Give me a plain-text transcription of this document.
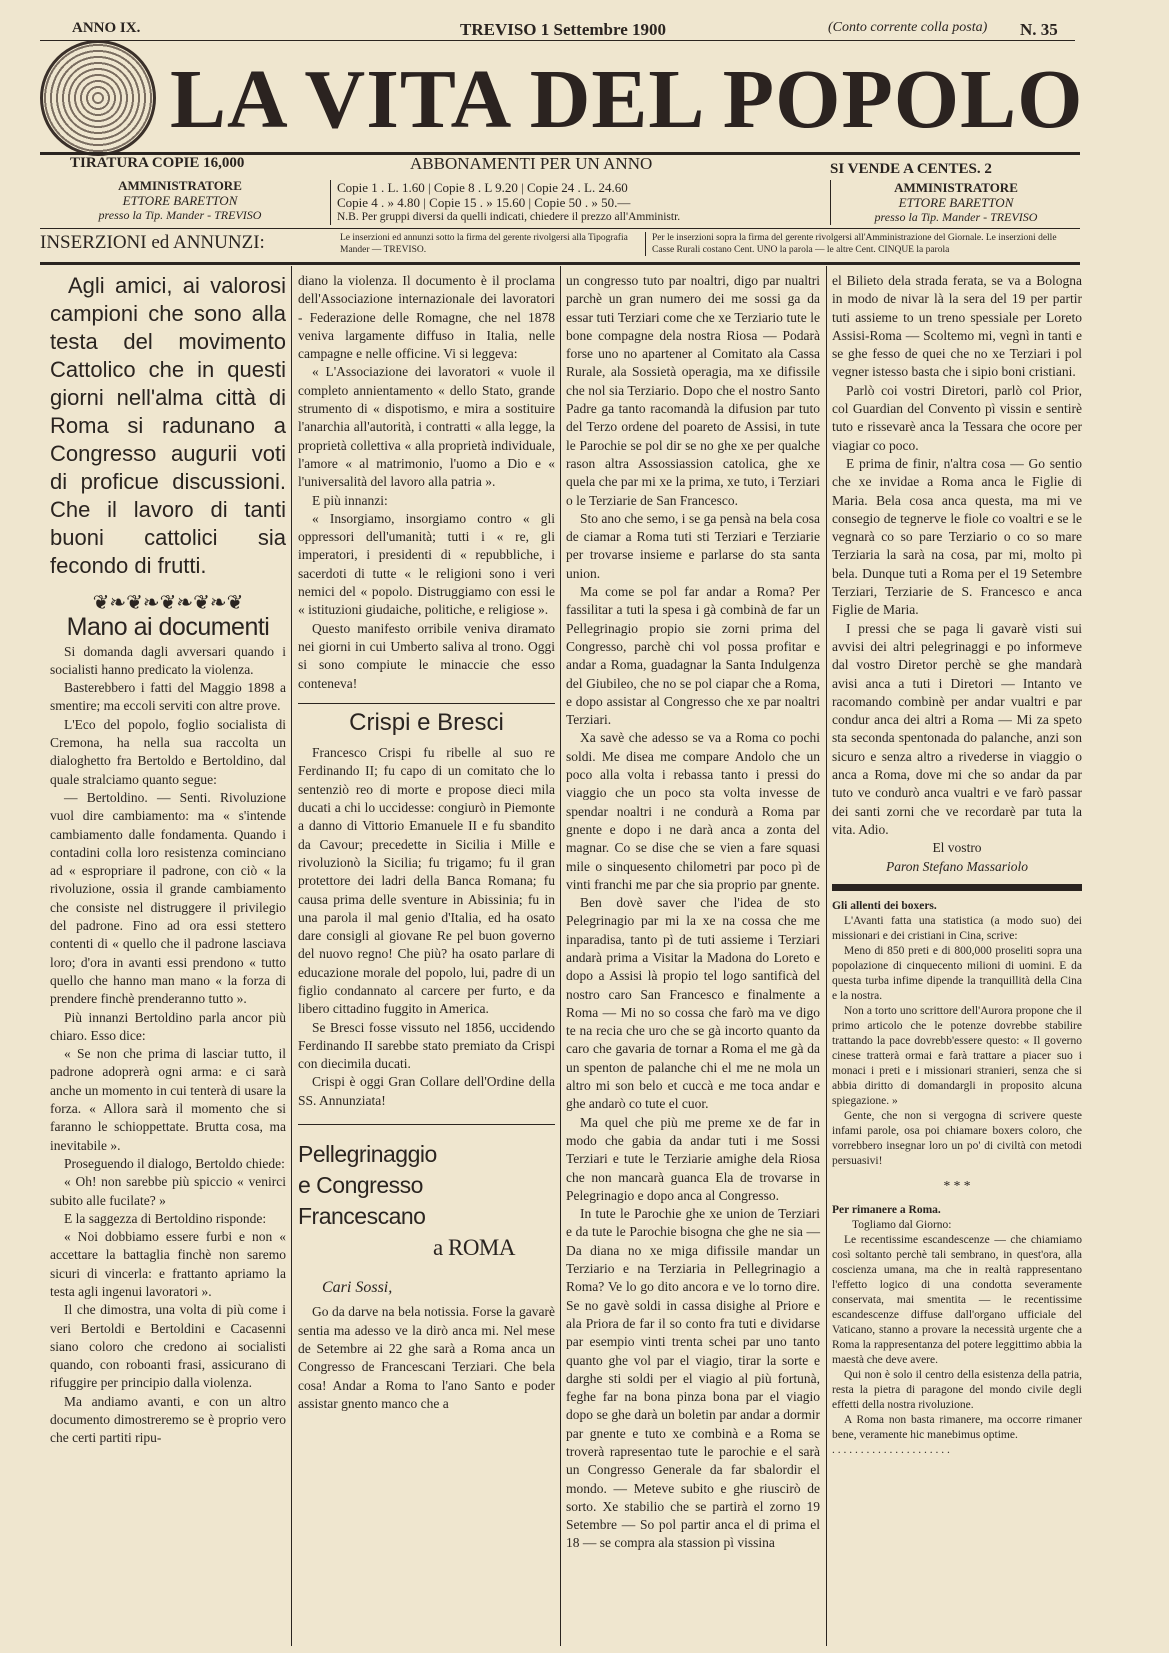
ANNO IX.	TREVISO 1 Settembre 1900	(Conto corrente colla posta) N. 35
LA VITA DEL POPOLO
TIRATURA COPIE 16,000	ABBONAMENTI PER UN ANNO	SI VENDE A CENTES. 2
AMMINISTRATORE
ETTORE BARETTON
presso la Tip. Mander - TREVISO
Copie 1 . L. 1.60 | Copie 8 . L 9.20 | Copie 24 . L. 24.60
Copie 4 . » 4.80 | Copie 15 . » 15.60 | Copie 50 . » 50.—
N.B. Per gruppi diversi da quelli indicati, chiedere il prezzo all'Amministr.
AMMINISTRATORE
ETTORE BARETTON
presso la Tip. Mander - TREVISO
INSERZIONI ed ANNUNZI:	Le inserzioni ed annunzi sotto la firma del gerente rivolgersi alla Tipografia Mander — TREVISO.
Per le inserzioni sopra la firma del gerente rivolgersi all'Amministrazione del Giornale. Le inserzioni delle Casse Rurali costano Cent. UNO la parola — le altre Cent. CINQUE la parola
Agli amici, ai valorosi campioni che sono alla testa del movimento Cattolico che in questi giorni nell'alma città di Roma si radunano a Congresso augurii voti di proficue discussioni. Che il lavoro di tanti buoni cattolici sia fecondo di frutti.
❦❧❦❧❦❧❦❧❦
Mano ai documenti

Si domanda dagli avversari quando i socialisti hanno predicato la violenza.

Basterebbero i fatti del Maggio 1898 a smentire; ma eccoli serviti con altre prove.

L'Eco del popolo, foglio socialista di Cremona, ha nella sua raccolta un dialoghetto fra Bertoldo e Bertoldino, dal quale stralciamo quanto segue:

— Bertoldino. — Senti. Rivoluzione vuol dire cambiamento: ma « s'intende cambiamento dalle fondamenta. Quando i contadini colla loro resistenza cominciano ad « espropriare il padrone, con ciò « la rivoluzione, ossia il grande cambiamento che consiste nel distruggere il privilegio del padrone. Fino ad ora essi stettero contenti di « quello che il padrone lasciava loro; d'ora in avanti essi prendono « tutto quello che hanno man mano « la forza di prendere finchè prenderanno tutto ».

Più innanzi Bertoldino parla ancor più chiaro. Esso dice:

« Se non che prima di lasciar tutto, il padrone adoprerà ogni arma: e ci sarà anche un momento in cui tenterà di usare la forza. « Allora sarà il momento che si faranno le schioppettate. Brutta cosa, ma inevitabile ».

Proseguendo il dialogo, Bertoldo chiede:

« Oh! non sarebbe più spiccio « venirci subito alle fucilate? »

E la saggezza di Bertoldino risponde:

« Noi dobbiamo essere furbi e non « accettare la battaglia finchè non saremo sicuri di vincerla: e frattanto apriamo la testa agli ingenui lavoratori ».

Il che dimostra, una volta di più come i veri Bertoldi e Bertoldini e Cacasenni siano coloro che credono ai socialisti quando, con roboanti frasi, assicurano di rifuggire per principio dalla violenza.

Ma andiamo avanti, e con un altro documento dimostreremo se è proprio vero che certi partiti ripu-

diano la violenza. Il documento è il proclama dell'Associazione internazionale dei lavoratori - Federazione delle Romagne, che nel 1878 veniva largamente diffuso in Italia, nelle campagne e nelle officine. Vi si leggeva:

« L'Associazione dei lavoratori « vuole il completo annientamento « dello Stato, grande strumento di « dispotismo, e mira a sostituire l'anarchia all'autorità, i contratti « alla legge, la proprietà collettiva « alla proprietà individuale, l'amore « al matrimonio, l'uomo a Dio e « l'universalità del lavoro alla patria ».

E più innanzi:

« Insorgiamo, insorgiamo contro « gli oppressori dell'umanità; tutti i « re, gli imperatori, i presidenti di « repubbliche, i sacerdoti di tutte « le religioni sono i veri nemici del « popolo. Distruggiamo con essi le « istituzioni giudaiche, politiche, e religiose ».

Questo manifesto orribile veniva diramato nei giorni in cui Umberto saliva al trono. Oggi si sono compiute le minaccie che esso conteneva!

Crispi e Bresci

Francesco Crispi fu ribelle al suo re Ferdinando II; fu capo di un comitato che lo sentenziò reo di morte e propose dieci mila ducati a chi lo uccidesse: congiurò in Piemonte a danno di Vittorio Emanuele II e fu sbandito da Cavour; precedette in Sicilia i Mille e rivoluzionò la Sicilia; fu trigamo; fu il gran protettore dei ladri della Banca Romana; fu causa prima delle sventure in Abissinia; fu in una parola il mal genio d'Italia, ed ha osato dare consigli al giovane Re pel buon governo del nuovo regno! Che più? ha osato parlare di educazione morale del popolo, lui, padre di un figlio condannato al carcere per furto, e da libero cittadino fuggito in America.

Se Bresci fosse vissuto nel 1856, uccidendo Ferdinando II sarebbe stato premiato da Crispi con diecimila ducati.

Crispi è oggi Gran Collare dell'Ordine della SS. Annunziata!

Pellegrinaggio
e Congresso Francescano
a ROMA
Cari Sossi,

Go da darve na bela notissia. Forse la gavarè sentia ma adesso ve la dirò anca mi. Nel mese de Setembre ai 22 ghe sarà a Roma anca un Congresso de Francescani Terziari. Che bela cosa! Andar a Roma to l'ano Santo e poder assistar gnento manco che a

un congresso tuto par noaltri, digo par nualtri parchè un gran numero dei me sossi ga da essar tuti Terziari come che xe Terziario tute le bone compagne dela nostra Riosa — Podarà forse uno no apartener al Comitato ala Cassa Rurale, ala Sossietà operagia, ma xe difissile che nol sia Terziario. Dopo che el nostro Santo Padre ga tanto racomandà la difusion par tuto del Terzo ordene del poareto de Assisi, in tute le Parochie se pol dir se no ghe xe per qualche rason altra Assossiassion catolica, ghe xe quela che par mi xe la prima, xe tuto, i Terziari o le Terziarie de San Francesco.

Sto ano che semo, i se ga pensà na bela cosa de ciamar a Roma tuti sti Terziari e Terziarie per trovarse insieme e parlarse do sta santa union.

Ma come se pol far andar a Roma? Per fassilitar a tuti la spesa i gà combinà de far un Pellegrinagio propio sie zorni prima del Congresso, parchè chi vol possa profitar e andar a Roma, guadagnar la Santa Indulgenza del Giubileo, che no se pol ciapar che a Roma, e dopo assistar al Congresso che xe par noaltri Terziari.

Xa savè che adesso se va a Roma co pochi soldi. Me disea me compare Andolo che un poco alla volta i rebassa tanto i pressi do viaggio che un poco sta volta invesse de spendar noaltri i ne condurà a Roma par gnente e dopo i ne darà anca a zonta del magnar. Co se dise che se vien a fare squasi mile o sinquesento chilometri par poco pì de vinti franchi me par che sia proprio par gnente.

Ben dovè saver che l'idea de sto Pelegrinagio par mi la xe na cossa che me inparadisa, tanto pì de tuti assieme i Terziari andarà prima a Visitar la Madona do Loreto e dopo a Assisi là propio tel logo santificà del nostro caro San Francesco e finalmente a Roma — Mi no so cossa che farò ma ve digo te na recia che uro che se gà incorto quanto da caro che gavaria de tornar a Roma el me gà da un spenton de palanche chi el me ne mola un altro mi son belo et cuccà e me toca andar e ghe andarò co tute el cuor.

Ma quel che più me preme xe de far in modo che gabia da andar tuti i me Sossi Terziari e tute le Terziarie amighe dela Riosa che non mancarà guanca Ela de trovarse in Pelegrinagio e dopo anca al Congresso.

In tute le Parochie ghe xe union de Terziari e da tute le Parochie bisogna che ghe ne sia — Da diana no xe miga difissile mandar un Terziario e na Terziaria in Pellegrinagio a Roma? Ve lo go dito ancora e ve lo torno dire. Se no gavè soldi in cassa disighe al Priore e ala Priora de far il so conto fra tuti e dividarse par esempio vinti trenta schei par uno tanto quanto ghe vol par el viagio, tirar la sorte e darghe sti soldi per el viagio al più fortunà, feghe far na bona pinza bona par el viagio dopo se ghe darà un boletin par andar a dormir par gnente e tuto xe combinà e a Roma se troverà rapresentao tute le parochie e el sarà un Congresso Generale da far sbalordir el mondo. — Meteve subito e ghe riuscirò de sorto. Xe stabilio che se partirà el zorno 19 Setembre — So pol partir anca el di prima el 18 — se compra ala stassion pì vissina

el Bilieto dela strada ferata, se va a Bologna in modo de nivar là la sera del 19 per partir tuti assieme to un treno spessiale per Loreto Assisi-Roma — Scoltemo mi, vegnì in tanti e se ghe fesso de quei che no xe Terziari i pol vegner istesso basta che i sipio boni cristiani.

Parlò coi vostri Diretori, parlò col Prior, col Guardian del Convento pì vissin e sentirè tuto e rissevarè anca la Tessara che ocore per viagiar co poco.

E prima de finir, n'altra cosa — Go sentio che xe invidae a Roma anca le Figlie di Maria. Bela cosa anca questa, ma mi ve consegio de tegnerve le fiole co voaltri e se le vegnarà co so pare Terziario o co so mare Terziaria la sarà na cosa, par mi, molto pì bela. Dunque tuti a Roma per el 19 Setembre Terziari, Terziarie de S. Francesco e anca Figlie de Maria.

I pressi che se paga li gavarè visti sui avvisi dei altri pelegrinaggi e po informeve dal vostro Diretor perchè se ghe mandarà avisi anca a tuti i Diretori — Intanto ve racomando combinè per andar vualtri e par condur anca dei altri a Roma — Mi za speto sta seconda spentonada do palanche, anzi son sicuro e senza altro a rivederse in viaggio o anca a Roma, dove mi che so andar da par tuto ve condurò anca vualtri e ve farò passar dei santi zorni che ve recordarè par tuta la vita. Adio.

El vostro
Paron Stefano Massariolo
Gli allenti dei boxers.

L'Avanti fatta una statistica (a modo suo) dei missionari e dei cristiani in Cina, scrive:

Meno di 850 preti e di 800,000 proseliti sopra una popolazione di cinquecento milioni di uomini. E da questa turba infime dipende la tranquillità della Cina e la nostra.

Non a torto uno scrittore dell'Aurora propone che il primo articolo che le potenze dovrebbe stabilire trattando la pace dovrebb'essere questo: « Il governo cinese tratterà ormai e farà trattare a piacer suo i monaci i preti e i missionari stranieri, senza che si abbia diritto di domandargli in proposito alcuna spiegazione. »

Gente, che non si vergogna di scrivere queste infami parole, osa poi chiamare boxers coloro, che vorrebbero insegnar loro un po' di civiltà con metodi persuasivi!

* * *
Per rimanere a Roma.
Togliamo dal Giorno:

Le recentissime escandescenze — che chiamiamo così soltanto perchè tali sembrano, in quest'ora, alla coscienza umana, ma che in realtà rappresentano l'effetto logico di una condotta severamente conservata, mai smentita — le recentissime escandescenze diffuse dall'organo ufficiale del Vaticano, stanno a provare la necessità urgente che a Roma la rappresentanza del potere leggittimo abbia la maestà che deve avere.

Qui non è solo il centro della esistenza della patria, resta la pietra di paragone del mondo civile degli effetti della nostra rivoluzione.

A Roma non basta rimanere, ma occorre rimaner bene, veramente hic manebimus optime.

. . . . . . . . . . . . . . . . . . . . .
